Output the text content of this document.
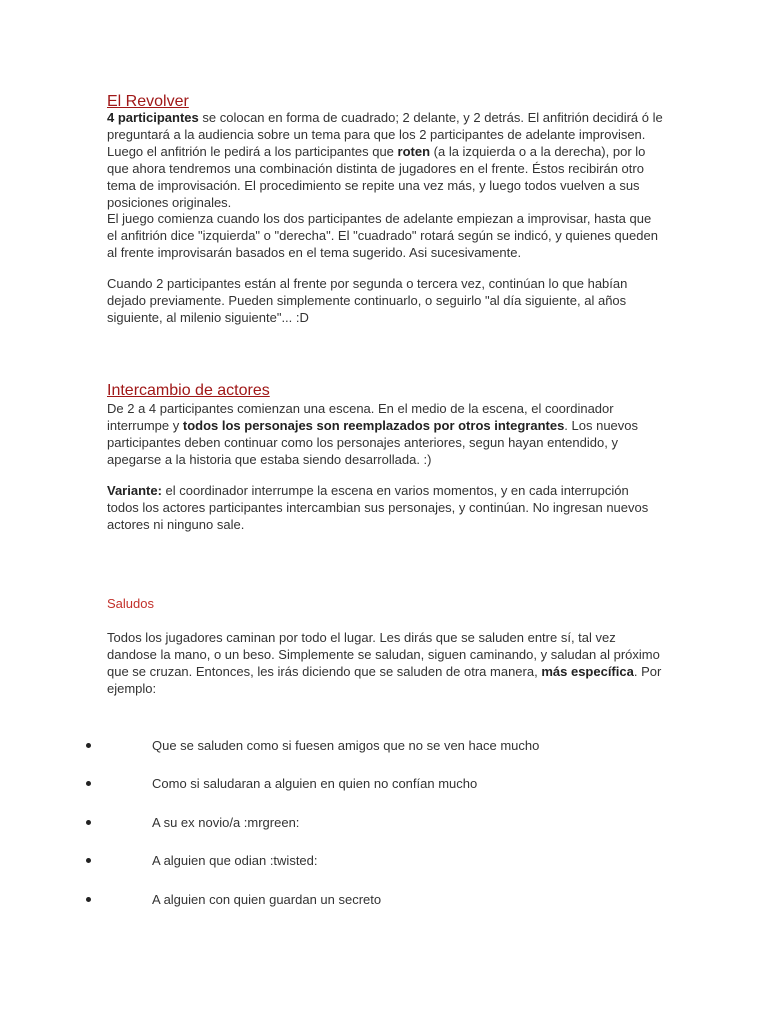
El Revolver

4 participantes se colocan en forma de cuadrado; 2 delante, y 2 detrás. El anfitrión decidirá ó le preguntará a la audiencia sobre un tema para que los 2 participantes de adelante improvisen. Luego el anfitrión le pedirá a los participantes que roten (a la izquierda o a la derecha), por lo que ahora tendremos una combinación distinta de jugadores en el frente. Éstos recibirán otro tema de improvisación. El procedimiento se repite una vez más, y luego todos vuelven a sus posiciones originales.
El juego comienza cuando los dos participantes de adelante empiezan a improvisar, hasta que el anfitrión dice "izquierda" o "derecha". El "cuadrado" rotará según se indicó, y quienes queden al frente improvisarán basados en el tema sugerido. Asi sucesivamente.

Cuando 2 participantes están al frente por segunda o tercera vez, continúan lo que habían dejado previamente. Pueden simplemente continuarlo, o seguirlo "al día siguiente, al años siguiente, al milenio siguiente"... :D

Intercambio de actores

De 2 a 4 participantes comienzan una escena. En el medio de la escena, el coordinador interrumpe y todos los personajes son reemplazados por otros integrantes. Los nuevos participantes deben continuar como los personajes anteriores, segun hayan entendido, y apegarse a la historia que estaba siendo desarrollada. :)

Variante: el coordinador interrumpe la escena en varios momentos, y en cada interrupción todos los actores participantes intercambian sus personajes, y continúan. No ingresan nuevos actores ni ninguno sale.

Saludos

Todos los jugadores caminan por todo el lugar. Les dirás que se saluden entre sí, tal vez dandose la mano, o un beso. Simplemente se saludan, siguen caminando, y saludan al próximo que se cruzan. Entonces, les irás diciendo que se saluden de otra manera, más específica. Por ejemplo:

Que se saluden como si fuesen amigos que no se ven hace mucho
Como si saludaran a alguien en quien no confían mucho
A su ex novio/a :mrgreen:
A alguien que odian :twisted:
A alguien con quien guardan un secreto
